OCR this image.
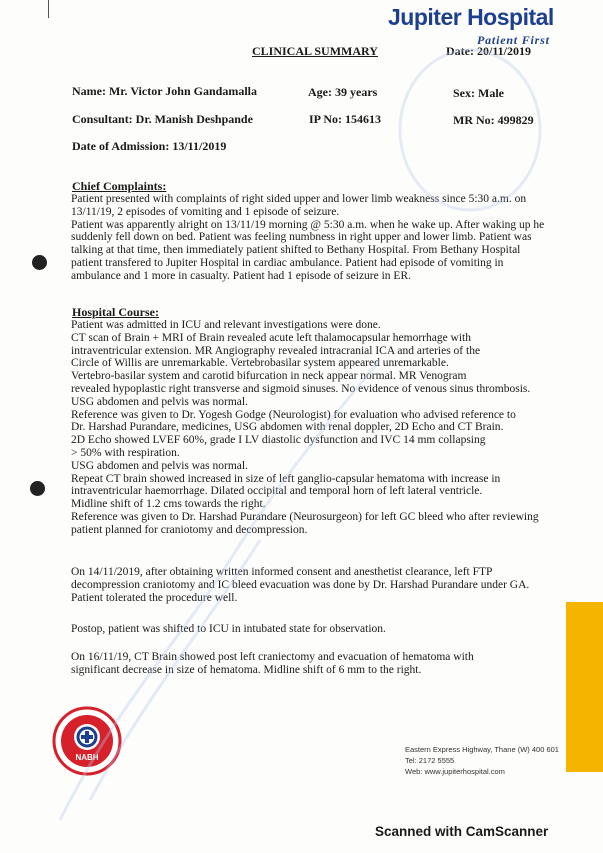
Jupiter Hospital
Patient First
CLINICAL SUMMARY	Date: 20/11/2019
Name: Mr. Victor John Gandamalla	Age: 39 years	Sex: Male
Consultant: Dr. Manish Deshpande	IP No: 154613	MR No: 499829
Date of Admission: 13/11/2019
Chief Complaints:

Patient presented with complaints of right sided upper and lower limb weakness since 5:30 a.m. on

13/11/19, 2 episodes of vomiting and 1 episode of seizure.

Patient was apparently alright on 13/11/19 morning @ 5:30 a.m. when he wake up. After waking up he

suddenly fell down on bed. Patient was feeling numbness in right upper and lower limb. Patient was

talking at that time, then immediately patient shifted to Bethany Hospital. From Bethany Hospital

patient transfered to Jupiter Hospital in cardiac ambulance. Patient had episode of vomiting in

ambulance and 1 more in casualty. Patient had 1 episode of seizure in ER.

Hospital Course:

Patient was admitted in ICU and relevant investigations were done.

CT scan of Brain + MRI of Brain revealed acute left thalamocapsular hemorrhage with

intraventricular extension. MR Angiography revealed intracranial ICA and arteries of the

Circle of Willis are unremarkable. Vertebrobasilar system appeared unremarkable.

Vertebro-basilar system and carotid bifurcation in neck appear normal. MR Venogram

revealed hypoplastic right transverse and sigmoid sinuses. No evidence of venous sinus thrombosis.

USG abdomen and pelvis was normal.

Reference was given to Dr. Yogesh Godge (Neurologist) for evaluation who advised reference to

Dr. Harshad Purandare, medicines, USG abdomen with renal doppler, 2D Echo and CT Brain.

2D Echo showed LVEF 60%, grade I LV diastolic dysfunction and IVC 14 mm collapsing

> 50% with respiration.

USG abdomen and pelvis was normal.

Repeat CT brain showed increased in size of left ganglio-capsular hematoma with increase in

intraventricular haemorrhage. Dilated occipital and temporal horn of left lateral ventricle.

Midline shift of 1.2 cms towards the right.

Reference was given to Dr. Harshad Purandare (Neurosurgeon) for left GC bleed who after reviewing

patient planned for craniotomy and decompression.

On 14/11/2019, after obtaining written informed consent and anesthetist clearance, left FTP

decompression craniotomy and IC bleed evacuation was done by Dr. Harshad Purandare under GA.

Patient tolerated the procedure well.

Postop, patient was shifted to ICU in intubated state for observation.

On 16/11/19, CT Brain showed post left craniectomy and evacuation of hematoma with

significant decrease in size of hematoma. Midline shift of 6 mm to the right.

NABH
Eastern Express Highway, Thane (W) 400 601
Tel: 2172 5555
Web: www.jupiterhospital.com
Scanned with CamScanner
